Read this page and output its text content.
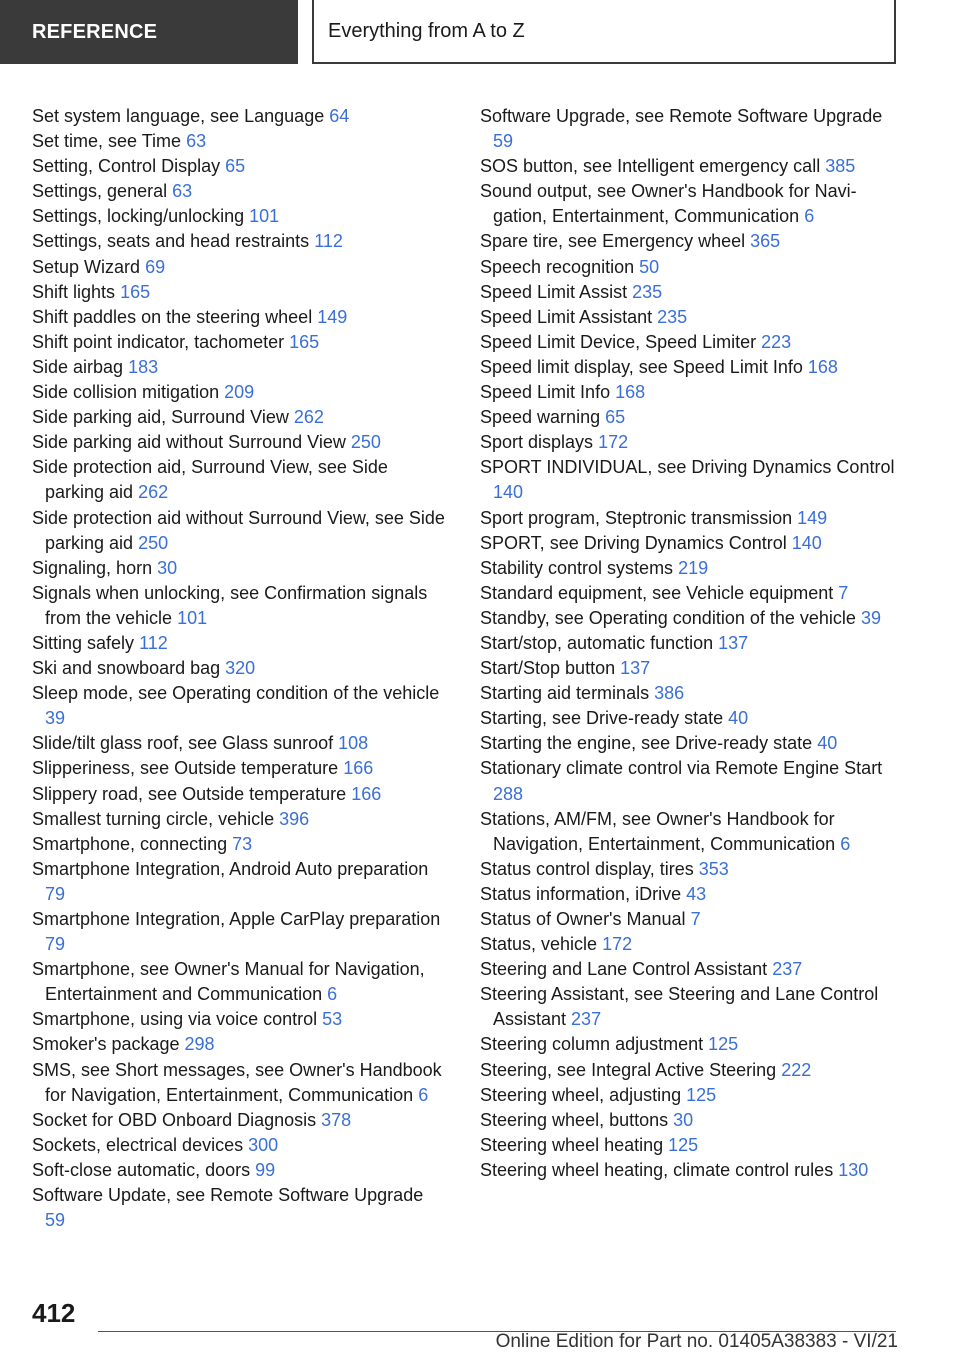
REFERENCE	Everything from A to Z
Set system language, see Language 64
Set time, see Time 63
Setting, Control Display 65
Settings, general 63
Settings, locking/unlocking 101
Settings, seats and head restraints 112
Setup Wizard 69
Shift lights 165
Shift paddles on the steering wheel 149
Shift point indicator, tachometer 165
Side airbag 183
Side collision mitigation 209
Side parking aid, Surround View 262
Side parking aid without Surround View 250
Side protection aid, Surround View, see Side parking aid 262
Side protection aid without Surround View, see Side parking aid 250
Signaling, horn 30
Signals when unlocking, see Confirmation signals from the vehicle 101
Sitting safely 112
Ski and snowboard bag 320
Sleep mode, see Operating condition of the vehicle 39
Slide/tilt glass roof, see Glass sunroof 108
Slipperiness, see Outside temperature 166
Slippery road, see Outside temperature 166
Smallest turning circle, vehicle 396
Smartphone, connecting 73
Smartphone Integration, Android Auto preparation 79
Smartphone Integration, Apple CarPlay preparation 79
Smartphone, see Owner's Manual for Navigation, Entertainment and Communication 6
Smartphone, using via voice control 53
Smoker's package 298
SMS, see Short messages, see Owner's Handbook for Navigation, Entertainment, Communication 6
Socket for OBD Onboard Diagnosis 378
Sockets, electrical devices 300
Soft-close automatic, doors 99
Software Update, see Remote Software Upgrade 59
Software Upgrade, see Remote Software Upgrade 59
SOS button, see Intelligent emergency call 385
Sound output, see Owner's Handbook for Navigation, Entertainment, Communication 6
Spare tire, see Emergency wheel 365
Speech recognition 50
Speed Limit Assist 235
Speed Limit Assistant 235
Speed Limit Device, Speed Limiter 223
Speed limit display, see Speed Limit Info 168
Speed Limit Info 168
Speed warning 65
Sport displays 172
SPORT INDIVIDUAL, see Driving Dynamics Control 140
Sport program, Steptronic transmission 149
SPORT, see Driving Dynamics Control 140
Stability control systems 219
Standard equipment, see Vehicle equipment 7
Standby, see Operating condition of the vehicle 39
Start/stop, automatic function 137
Start/Stop button 137
Starting aid terminals 386
Starting, see Drive-ready state 40
Starting the engine, see Drive-ready state 40
Stationary climate control via Remote Engine Start 288
Stations, AM/FM, see Owner's Handbook for Navigation, Entertainment, Communication 6
Status control display, tires 353
Status information, iDrive 43
Status of Owner's Manual 7
Status, vehicle 172
Steering and Lane Control Assistant 237
Steering Assistant, see Steering and Lane Control Assistant 237
Steering column adjustment 125
Steering, see Integral Active Steering 222
Steering wheel, adjusting 125
Steering wheel, buttons 30
Steering wheel heating 125
Steering wheel heating, climate control rules 130
412
Online Edition for Part no. 01405A38383 - VI/21
